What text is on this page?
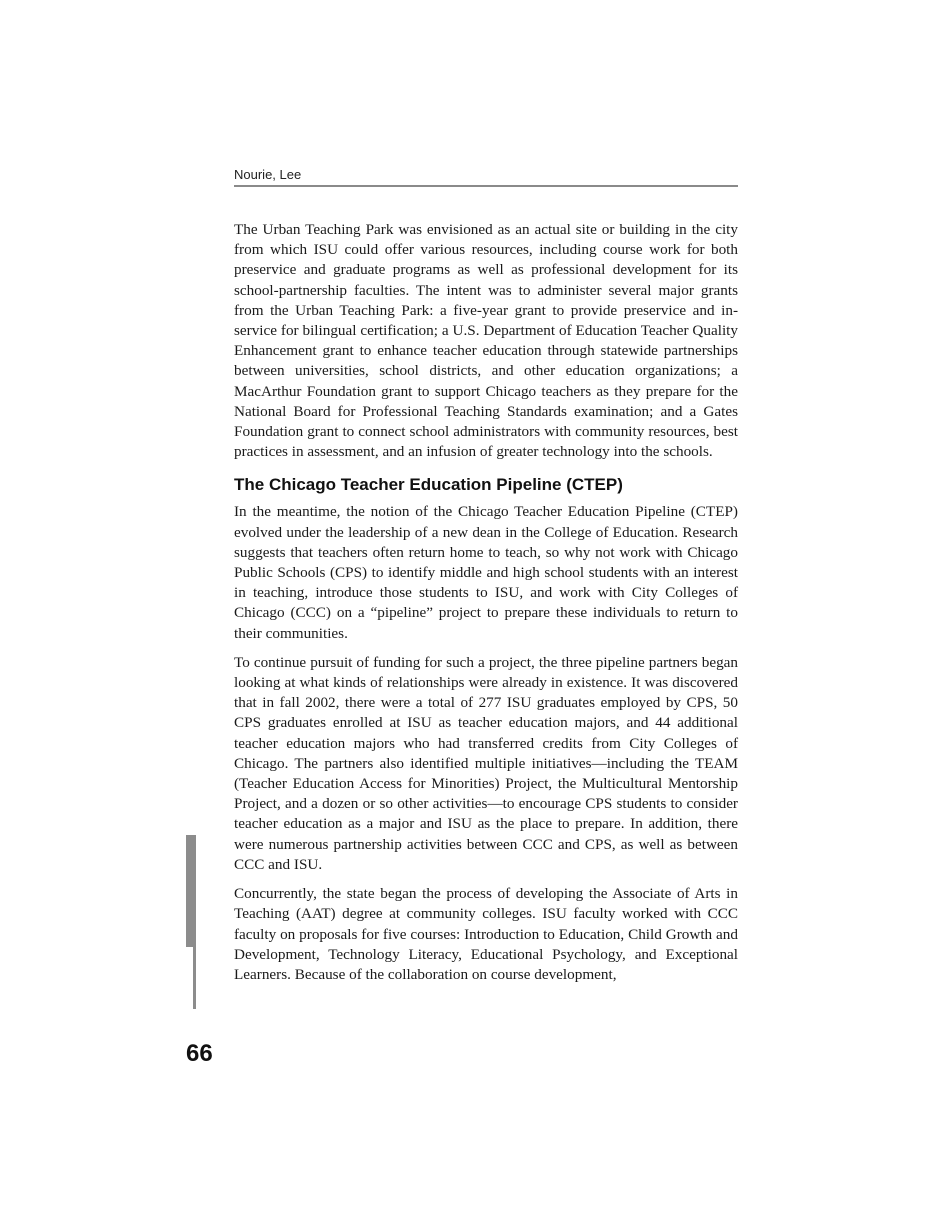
Nourie, Lee

The Urban Teaching Park was envisioned as an actual site or building in the city from which ISU could offer various resources, including course work for both preservice and graduate programs as well as professional development for its school-partnership faculties. The intent was to administer several major grants from the Urban Teaching Park: a five-year grant to provide preservice and in-service for bilingual certification; a U.S. Department of Education Teacher Quality Enhancement grant to enhance teacher education through statewide partnerships between universities, school districts, and other education organizations; a MacArthur Foundation grant to support Chicago teachers as they prepare for the National Board for Professional Teaching Standards examination; and a Gates Foundation grant to connect school administrators with community resources, best practices in assessment, and an infusion of greater technology into the schools.

The Chicago Teacher Education Pipeline (CTEP)

In the meantime, the notion of the Chicago Teacher Education Pipeline (CTEP) evolved under the leadership of a new dean in the College of Education. Research suggests that teachers often return home to teach, so why not work with Chicago Public Schools (CPS) to identify middle and high school students with an interest in teaching, introduce those students to ISU, and work with City Colleges of Chicago (CCC) on a “pipeline” project to prepare these individuals to return to their communities.

To continue pursuit of funding for such a project, the three pipeline partners began looking at what kinds of relationships were already in existence. It was discovered that in fall 2002, there were a total of 277 ISU graduates employed by CPS, 50 CPS graduates enrolled at ISU as teacher education majors, and 44 additional teacher education majors who had transferred credits from City Colleges of Chicago. The partners also identified multiple initiatives—including the TEAM (Teacher Education Access for Minorities) Project, the Multicultural Mentorship Project, and a dozen or so other activities—to encourage CPS students to consider teacher education as a major and ISU as the place to prepare. In addition, there were numerous partnership activities between CCC and CPS, as well as between CCC and ISU.

Concurrently, the state began the process of developing the Associate of Arts in Teaching (AAT) degree at community colleges. ISU faculty worked with CCC faculty on proposals for five courses: Introduction to Education, Child Growth and Development, Technology Literacy, Educational Psychology, and Exceptional Learners. Because of the collaboration on course development,

66
